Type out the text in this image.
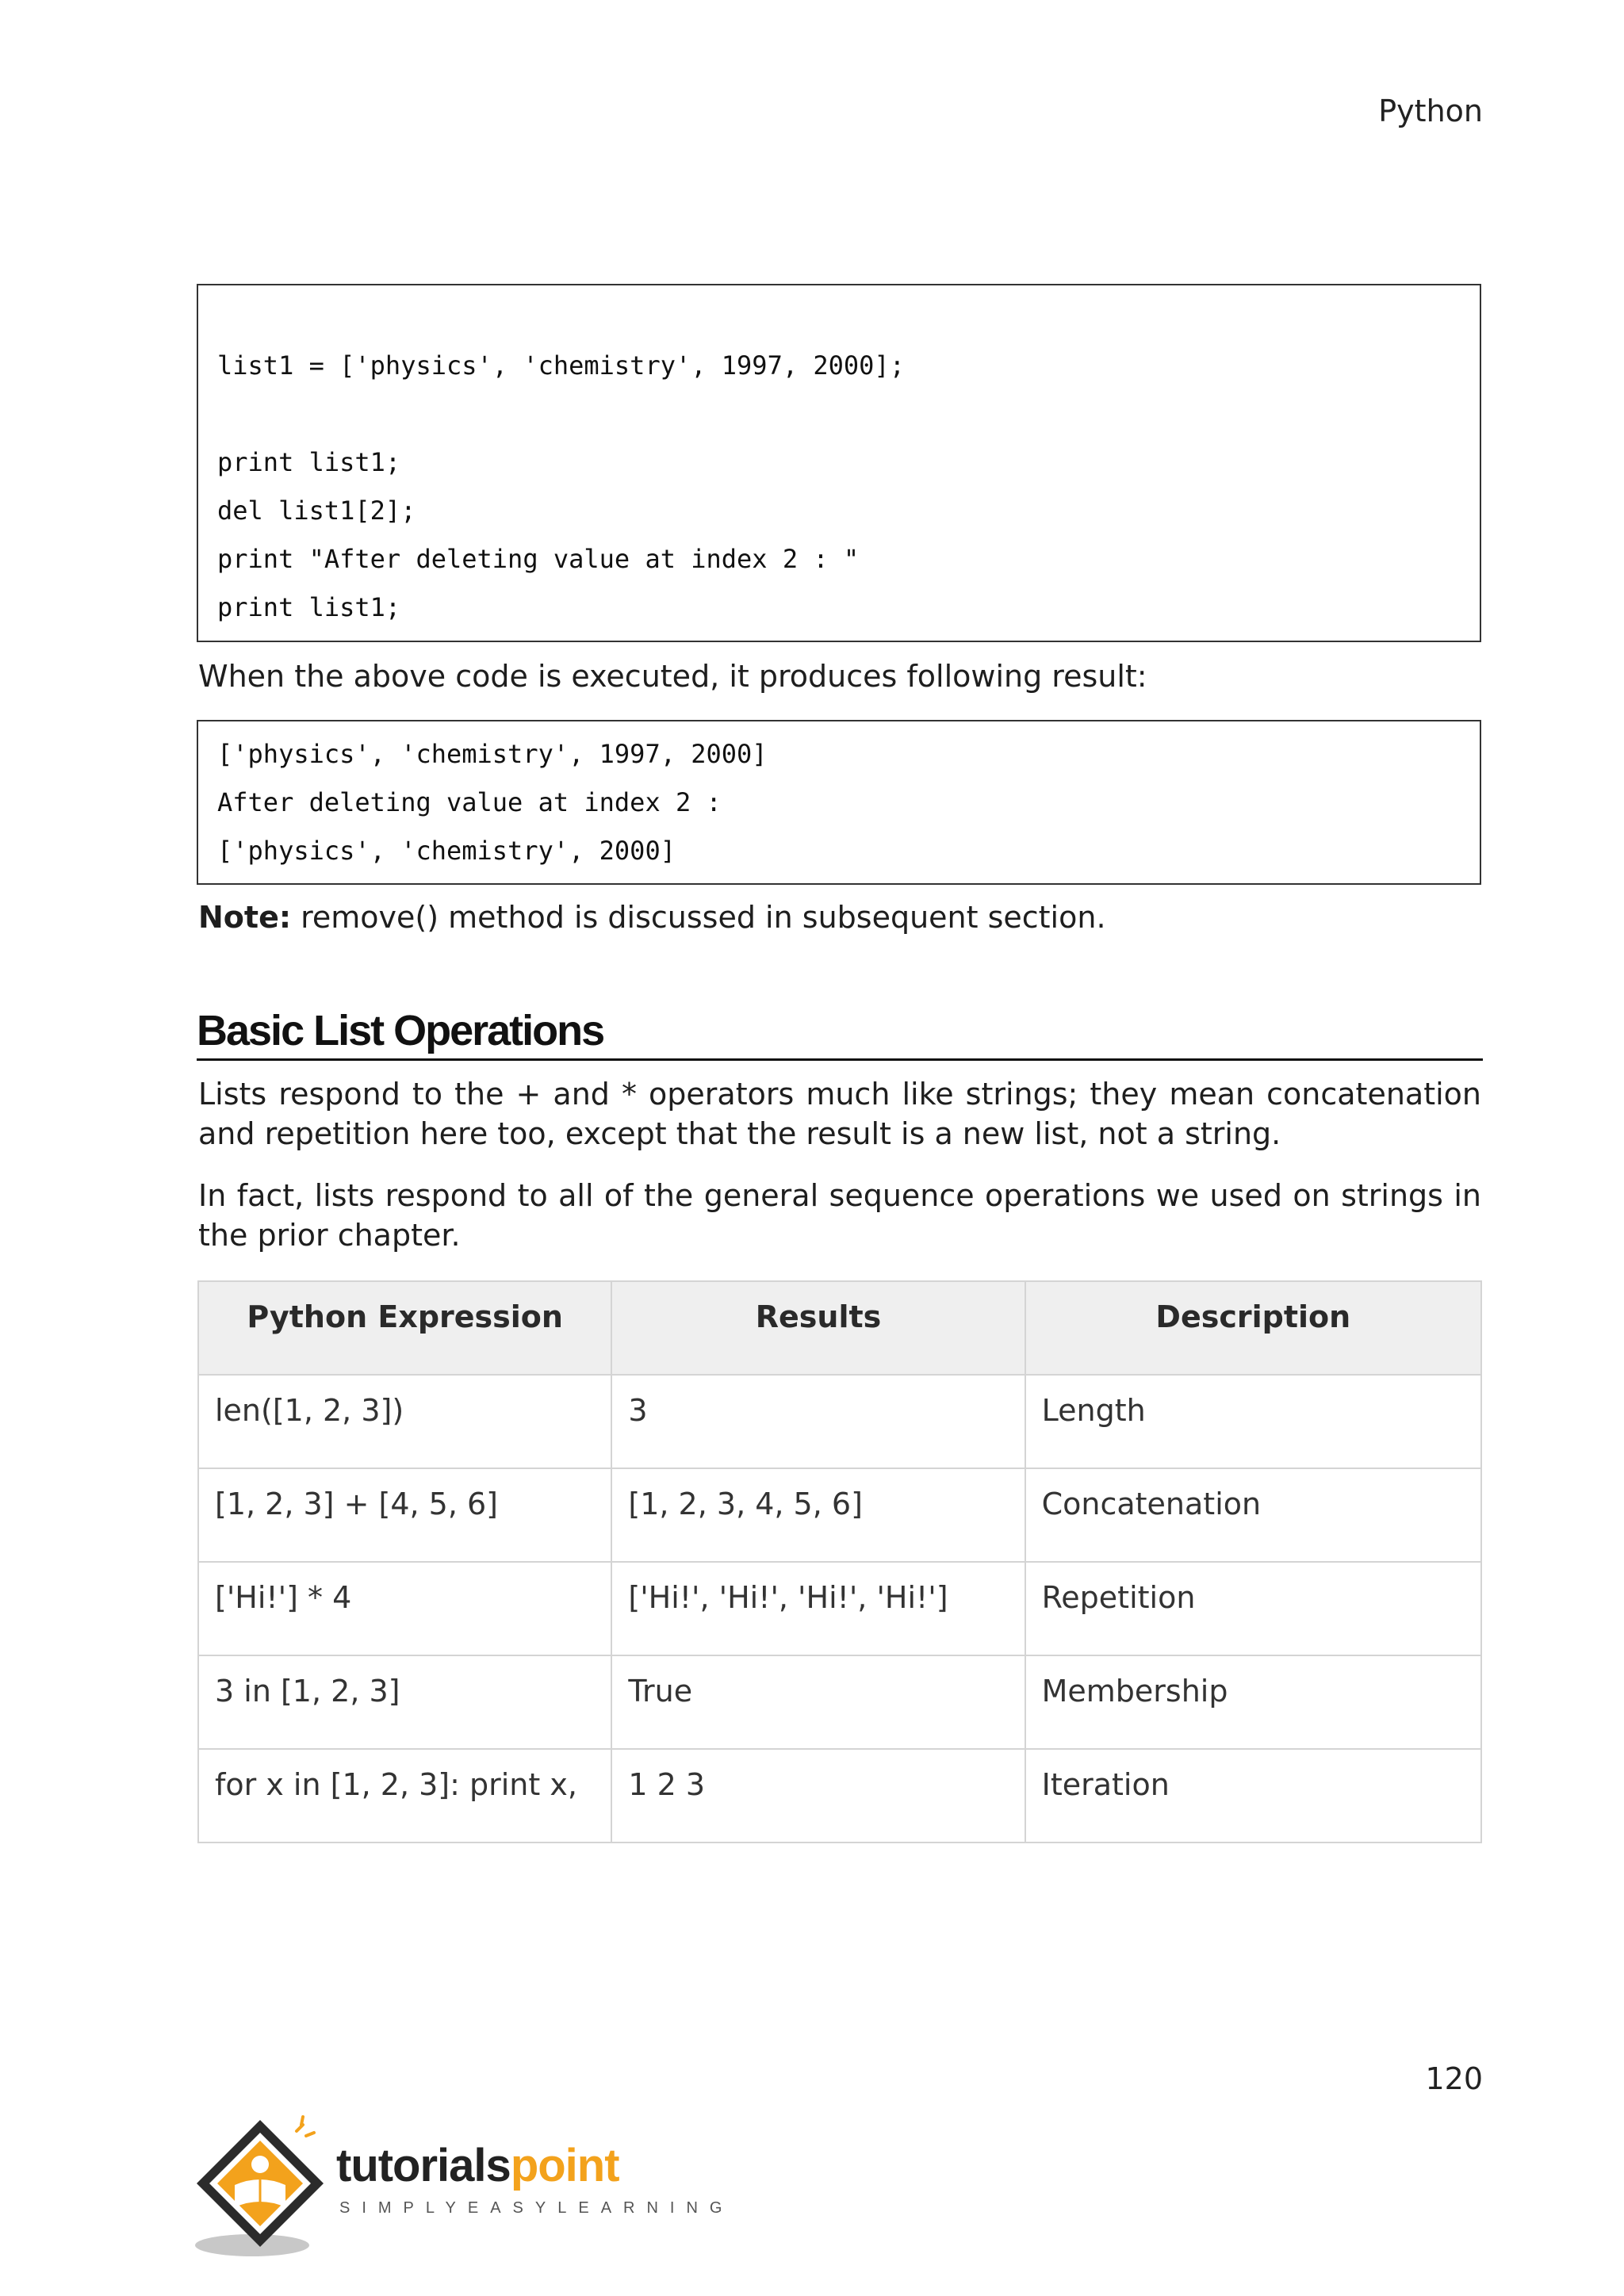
Python
list1 = ['physics', 'chemistry', 1997, 2000];
print list1;
del list1[2];
print "After deleting value at index 2 : "
print list1;
When the above code is executed, it produces following result:
['physics', 'chemistry', 1997, 2000]
After deleting value at index 2 :
['physics', 'chemistry', 2000]
Note: remove() method is discussed in subsequent section.
Basic List Operations
Lists respond to the + and * operators much like strings; they mean concatenation and repetition here too, except that the result is a new list, not a string.
In fact, lists respond to all of the general sequence operations we used on strings in the prior chapter.
Python Expression	Results	Description
len([1, 2, 3])	3	Length
[1, 2, 3] + [4, 5, 6]	[1, 2, 3, 4, 5, 6]	Concatenation
['Hi!'] * 4	['Hi!', 'Hi!', 'Hi!', 'Hi!']	Repetition
3 in [1, 2, 3]	True	Membership
for x in [1, 2, 3]: print x,	1 2 3	Iteration
120
tutorialspoint
SIMPLYEASYLEARNING
